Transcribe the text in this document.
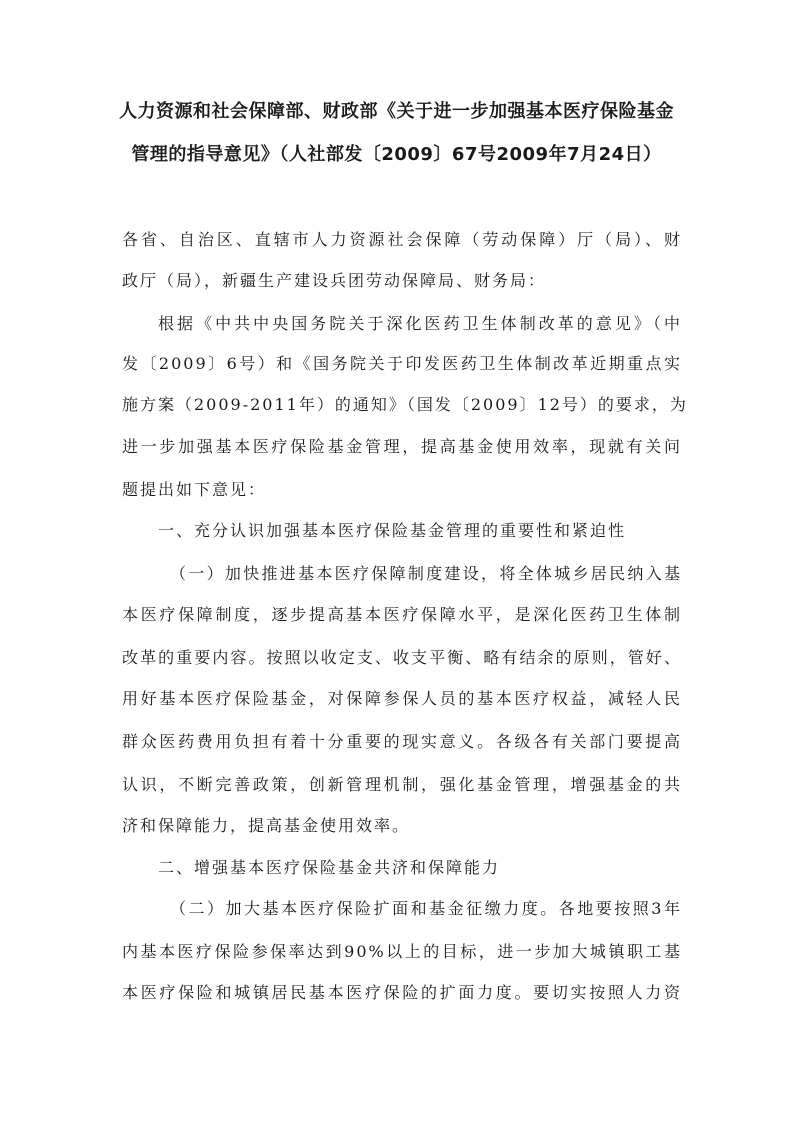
人力资源和社会保障部、财政部《关于进一步加强基本医疗保险基金
管理的指导意见》（人社部发〔2009〕67号2009年7月24日）
各省、自治区、直辖市人力资源社会保障（劳动保障）厅（局）、财
政厅（局），新疆生产建设兵团劳动保障局、财务局：
根据《中共中央国务院关于深化医药卫生体制改革的意见》（中
发〔2009〕6号）和《国务院关于印发医药卫生体制改革近期重点实
施方案（2009-2011年）的通知》（国发〔2009〕12号）的要求，为
进一步加强基本医疗保险基金管理，提高基金使用效率，现就有关问
题提出如下意见：
一、充分认识加强基本医疗保险基金管理的重要性和紧迫性
（一）加快推进基本医疗保障制度建设，将全体城乡居民纳入基
本医疗保障制度，逐步提高基本医疗保障水平，是深化医药卫生体制
改革的重要内容。按照以收定支、收支平衡、略有结余的原则，管好、
用好基本医疗保险基金，对保障参保人员的基本医疗权益，减轻人民
群众医药费用负担有着十分重要的现实意义。各级各有关部门要提高
认识，不断完善政策，创新管理机制，强化基金管理，增强基金的共
济和保障能力，提高基金使用效率。
二、增强基本医疗保险基金共济和保障能力
（二）加大基本医疗保险扩面和基金征缴力度。各地要按照3年
内基本医疗保险参保率达到90%以上的目标，进一步加大城镇职工基
本医疗保险和城镇居民基本医疗保险的扩面力度。要切实按照人力资
